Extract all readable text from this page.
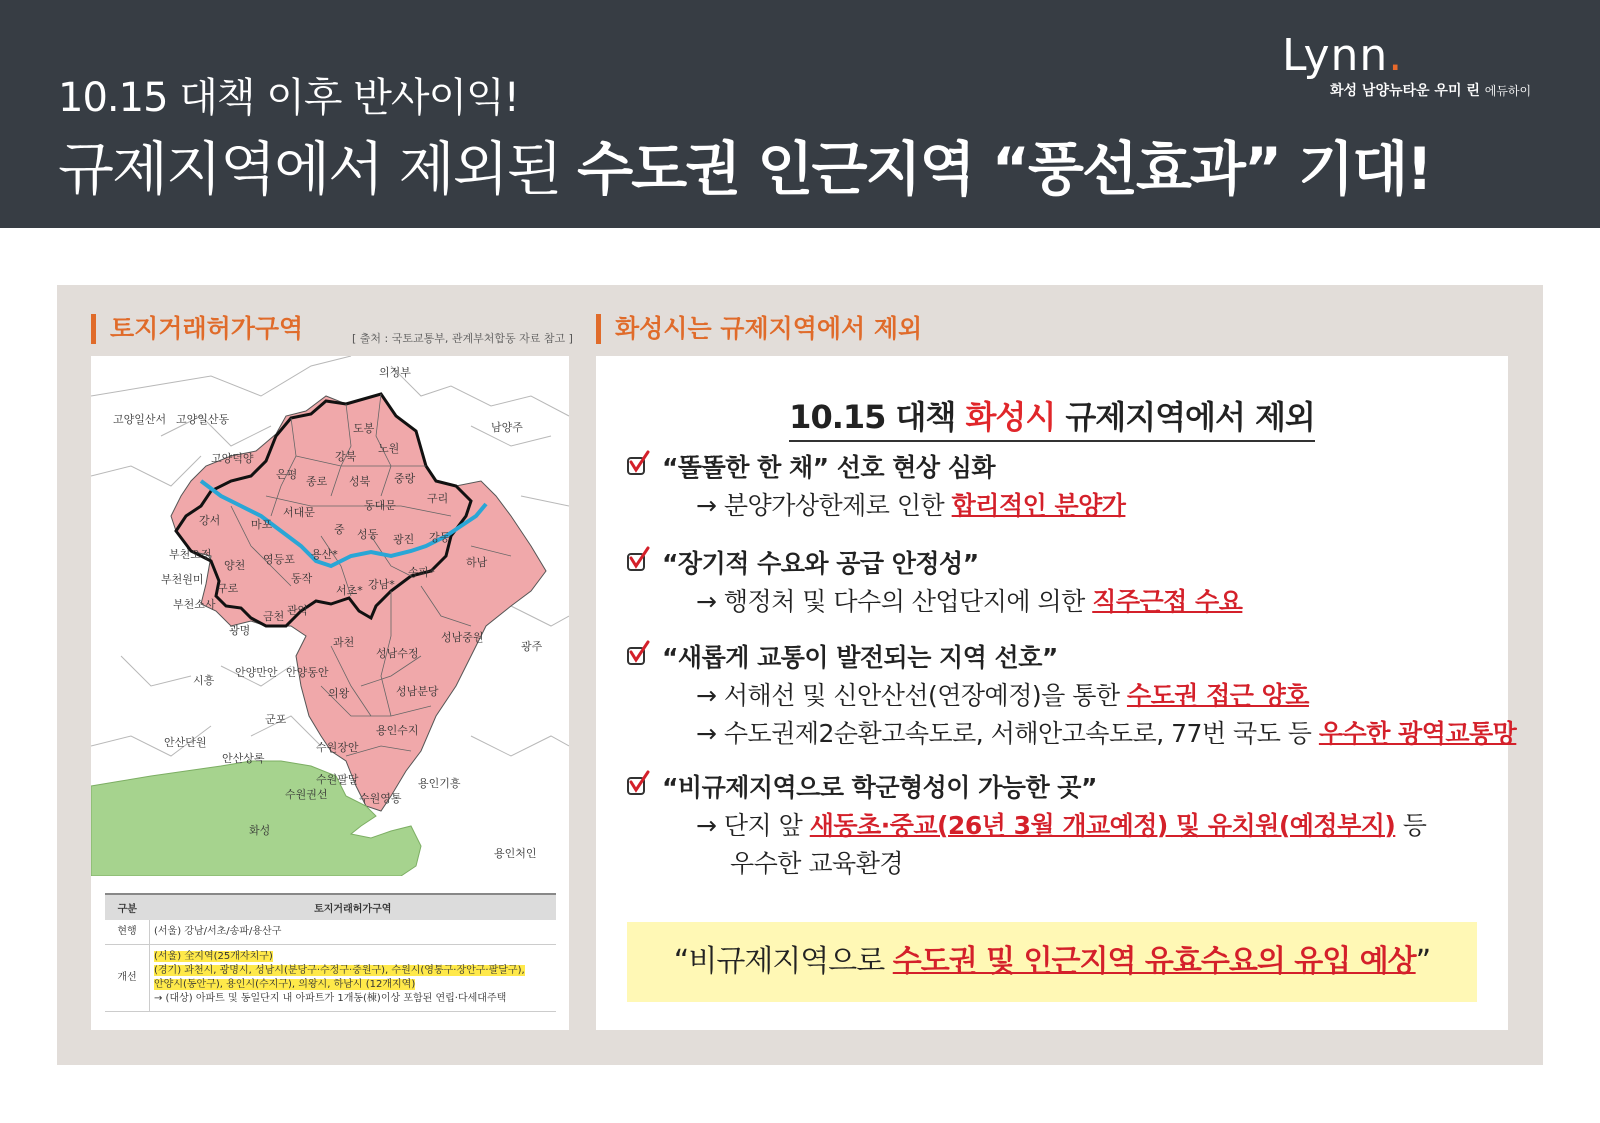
10.15 대책 이후 반사이익!
규제지역에서 제외된 수도권 인근지역 “풍선효과” 기대!
Lynn.
화성 남양뉴타운 우미 린 에듀하이
토지거래허가구역	[ 출처 : 국토교통부, 관계부처합동 자료 참고 ]	화성시는 규제지역에서 제외
의정부
고양일산서 고양일산동
남양주
도봉
노원
강북
고양덕양
은평
성북 중랑
종로
구리
동대문
서대문
강서	마포	중 성동 광진 강동
부천오정
양천 영등포 용산*
하남
부천원미
구로
동작
서초* 강남*
송파*
부천소사
금천 관악
광명
과천	성남중원
광주
성남수정
시흥
안양만안 안양동안
의왕	성남분당
군포
용인수지
안산단원
안산상록
수원장안
수원팔달	용인기흥
수원권선	수원영통
화성
용인처인
구분	토지거래허가구역
현행	(서울) 강남/서초/송파/용산구
개선	(서울) 全지역(25개자치구)
(경기) 과천시, 광명시, 성남시(분당구·수정구·중원구), 수원시(영통구·장안구·팔달구),
안양시(동안구), 용인시(수지구), 의왕시, 하남시 (12개지역)
→ (대상) 아파트 및 동일단지 내 아파트가 1개동(棟)이상 포함된 연립·다세대주택
10.15 대책 화성시 규제지역에서 제외
“똘똘한 한 채” 선호 현상 심화
→ 분양가상한제로 인한 합리적인 분양가
“장기적 수요와 공급 안정성”
→ 행정처 및 다수의 산업단지에 의한 직주근접 수요
“새롭게 교통이 발전되는 지역 선호”
→ 서해선 및 신안산선(연장예정)을 통한 수도권 접근 양호
→ 수도권제2순환고속도로, 서해안고속도로, 77번 국도 등 우수한 광역교통망
“비규제지역으로 학군형성이 가능한 곳”
→ 단지 앞 새동초·중교(26년 3월 개교예정) 및 유치원(예정부지) 등
우수한 교육환경
“비규제지역으로 수도권 및 인근지역 유효수요의 유입 예상”
